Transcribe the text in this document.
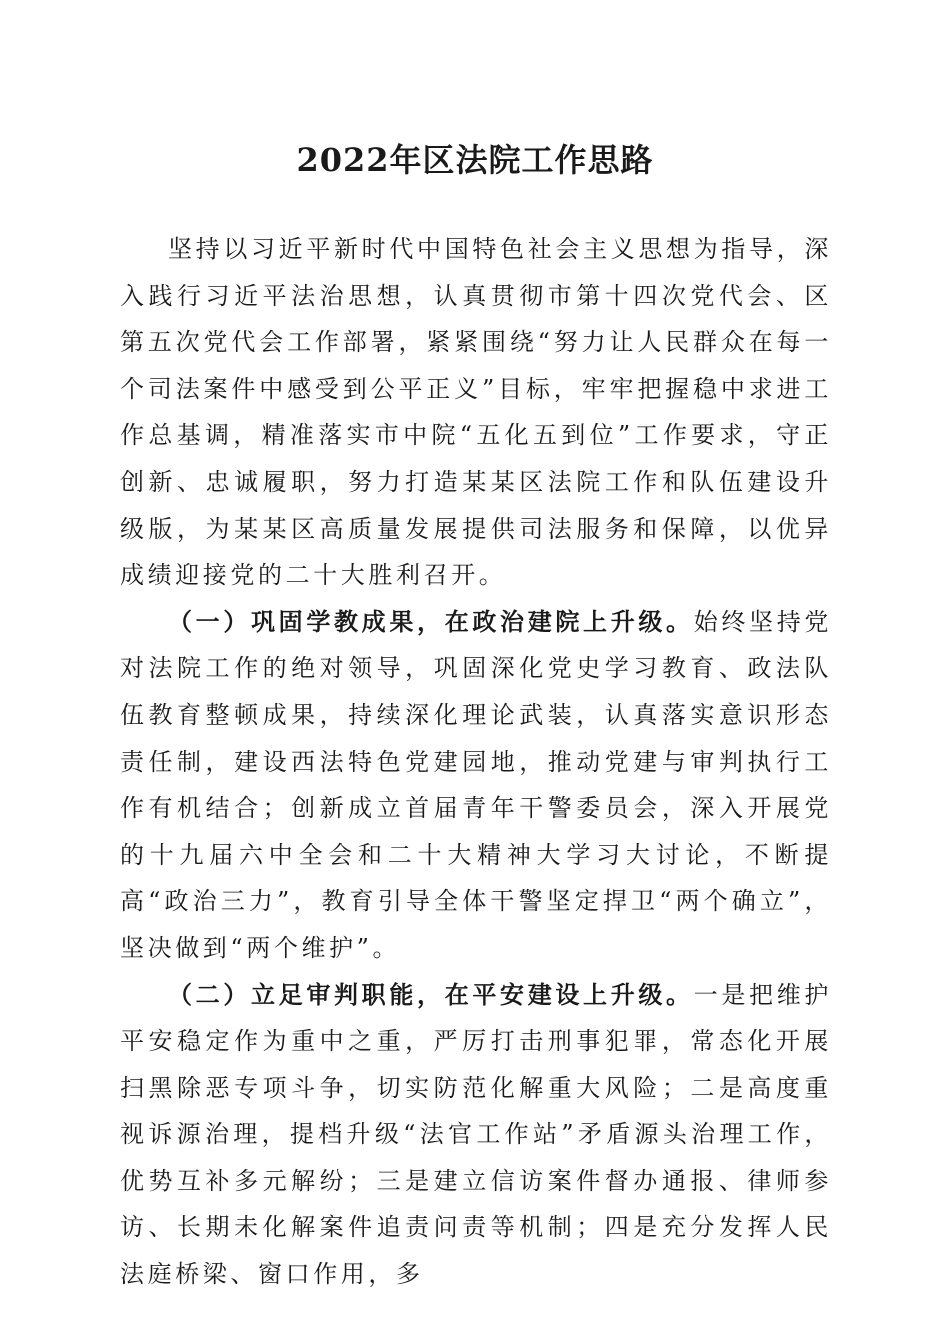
2022年区法院工作思路

坚持以习近平新时代中国特色社会主义思想为指导，深入践行习近平法治思想，认真贯彻市第十四次党代会、区第五次党代会工作部署，紧紧围绕“努力让人民群众在每一个司法案件中感受到公平正义”目标，牢牢把握稳中求进工作总基调，精准落实市中院“五化五到位”工作要求，守正创新、忠诚履职，努力打造某某区法院工作和队伍建设升级版，为某某区高质量发展提供司法服务和保障，以优异成绩迎接党的二十大胜利召开。

（一）巩固学教成果，在政治建院上升级。始终坚持党对法院工作的绝对领导，巩固深化党史学习教育、政法队伍教育整顿成果，持续深化理论武装，认真落实意识形态责任制，建设西法特色党建园地，推动党建与审判执行工作有机结合；创新成立首届青年干警委员会，深入开展党的十九届六中全会和二十大精神大学习大讨论，不断提高“政治三力”，教育引导全体干警坚定捍卫“两个确立”，坚决做到“两个维护”。

（二）立足审判职能，在平安建设上升级。一是把维护平安稳定作为重中之重，严厉打击刑事犯罪，常态化开展扫黑除恶专项斗争，切实防范化解重大风险；二是高度重视诉源治理，提档升级“法官工作站”矛盾源头治理工作，优势互补多元解纷；三是建立信访案件督办通报、律师参访、长期未化解案件追责问责等机制；四是充分发挥人民法庭桥梁、窗口作用，多
